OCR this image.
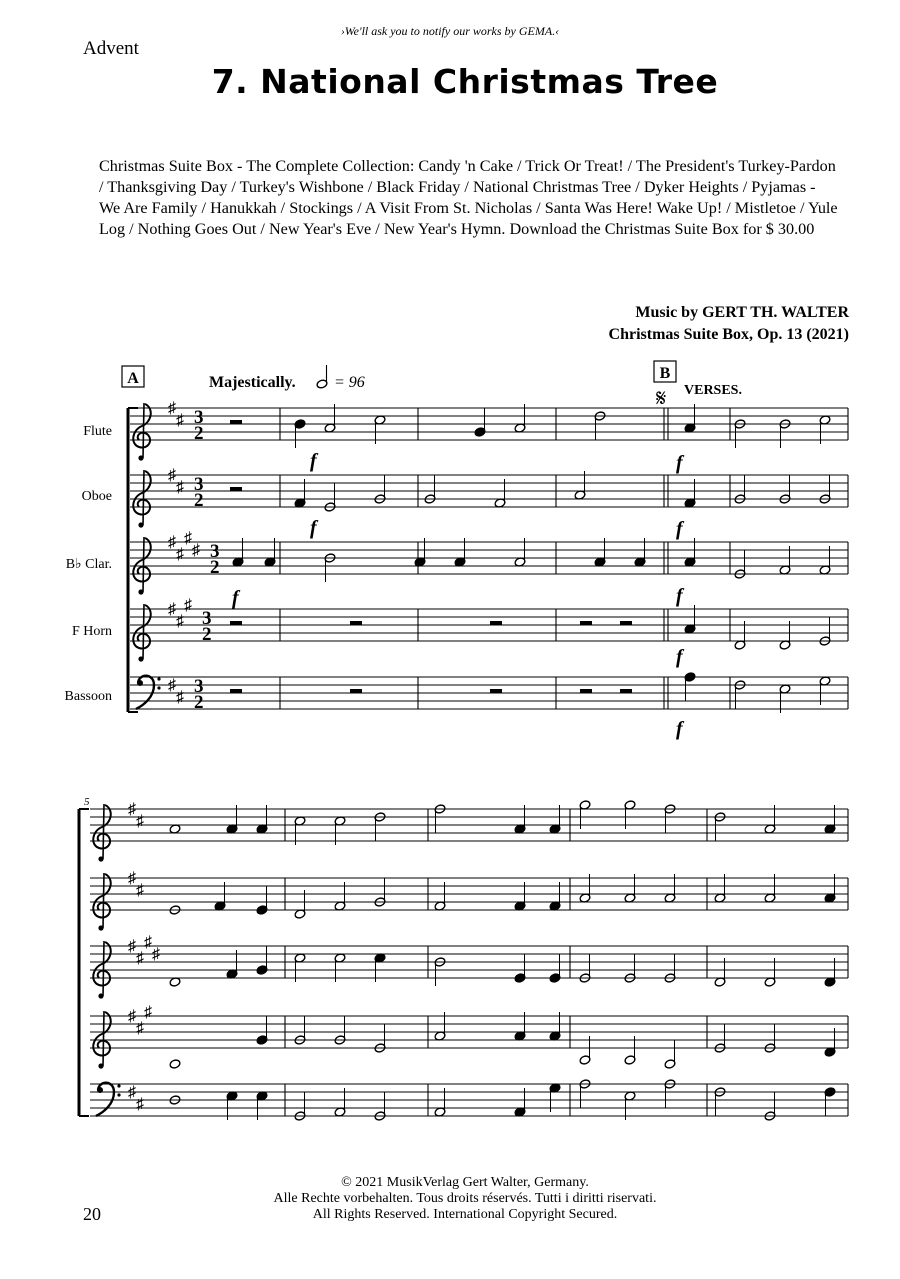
›We'll ask you to notify our works by GEMA.‹
Advent
7. National Christmas Tree
Christmas Suite Box - The Complete Collection: Candy 'n Cake / Trick Or Treat! / The President's Turkey-Pardon / Thanksgiving Day / Turkey's Wishbone / Black Friday / National Christmas Tree / Dyker Heights / Pyjamas - We Are Family / Hanukkah / Stockings / A Visit From St. Nicholas / Santa Was Here! Wake Up! / Mistletoe / Yule Log / Nothing Goes Out / New Year's Eve / New Year's Hymn. Download the Christmas Suite Box for $ 30.00
Music by GERT TH. WALTER
Christmas Suite Box, Op. 13 (2021)
A	Majestically. = 96
B
𝄋 VERSES.
Flute
Oboe
B♭ Clar.
F Horn
Bassoon
♯
♯ 3
2
♯
♯ 3
2
♯
♯
♯
♯ 3
2
♯
♯
♯
3
2
♯
♯
3
2
f
f
f
f
f
f
f
f
5 ♯
♯
♯
♯
♯
♯
♯
♯
♯
♯
♯
♯
♯
© 2021 MusikVerlag Gert Walter, Germany.
Alle Rechte vorbehalten. Tous droits réservés. Tutti i diritti riservati.
All Rights Reserved. International Copyright Secured.
20
